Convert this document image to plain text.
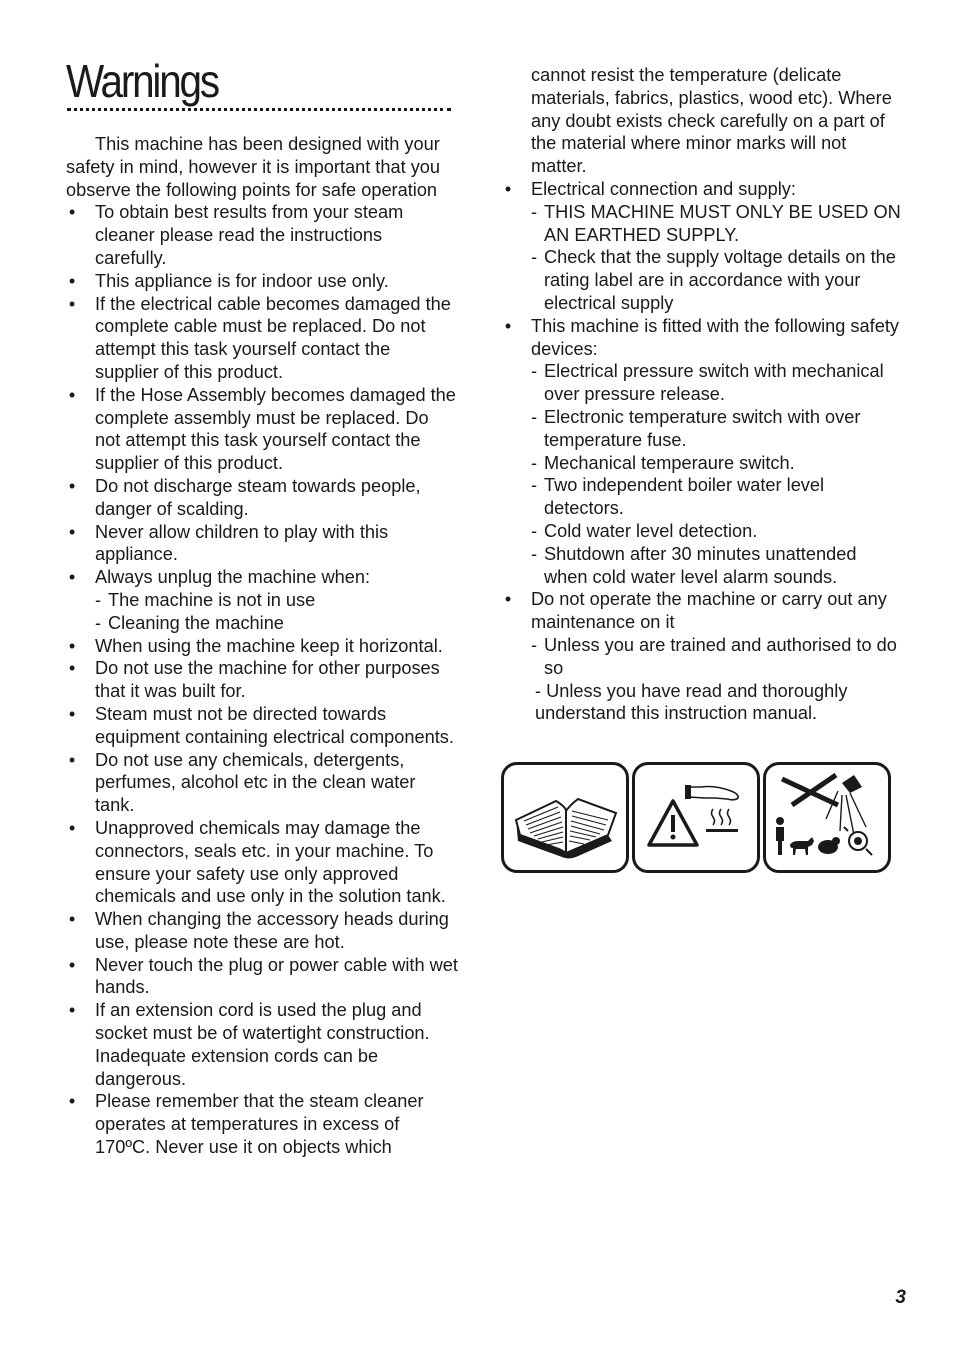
Warnings

This machine has been designed with your safety in mind, however it is important that you observe the following points for safe operation

• To obtain best results from your steam cleaner please read the instructions carefully.
• This appliance is for indoor use only.
• If the electrical cable becomes damaged the complete cable must be replaced. Do not attempt this task yourself contact the supplier of this product.
• If the Hose Assembly becomes damaged the complete assembly must be replaced. Do not attempt this task yourself contact the supplier of this product.
• Do not discharge steam towards people, danger of scalding.
• Never allow children to play with this appliance.
• Always unplug the machine when:
- The machine is not in use
- Cleaning the machine
• When using the machine keep it horizontal.
• Do not use the machine for other purposes that it was built for.
• Steam must not be directed towards equipment containing electrical components.
• Do not use any chemicals, detergents, perfumes, alcohol etc in the clean water tank.
• Unapproved chemicals may damage the connectors, seals etc. in your machine. To ensure your safety use only approved chemicals and use only in the solution tank.
• When changing the accessory heads during use, please note these are hot.
• Never touch the plug or power cable with wet hands.
• If an extension cord is used the plug and socket must be of watertight construction. Inadequate extension cords can be dangerous.
• Please remember that the steam cleaner operates at temperatures in excess of 170ºC. Never use it on objects which

cannot resist the temperature (delicate materials, fabrics, plastics, wood etc). Where any doubt exists check carefully on a part of the material where minor marks will not matter.

• Electrical connection and supply:
- THIS MACHINE MUST ONLY BE USED ON AN EARTHED SUPPLY.
- Check that the supply voltage details on the rating label are in accordance with your electrical supply
• This machine is fitted with the following safety devices:
- Electrical pressure switch with mechanical over pressure release.
- Electronic temperature switch with over temperature fuse.
- Mechanical temperaure switch.
- Two independent boiler water level detectors.
- Cold water level detection.
- Shutdown after 30 minutes unattended when cold water level alarm sounds.
• Do not operate the machine or carry out any maintenance on it
- Unless you are trained and authorised to do so
- Unless you have read and thoroughly understand this instruction manual.
3
